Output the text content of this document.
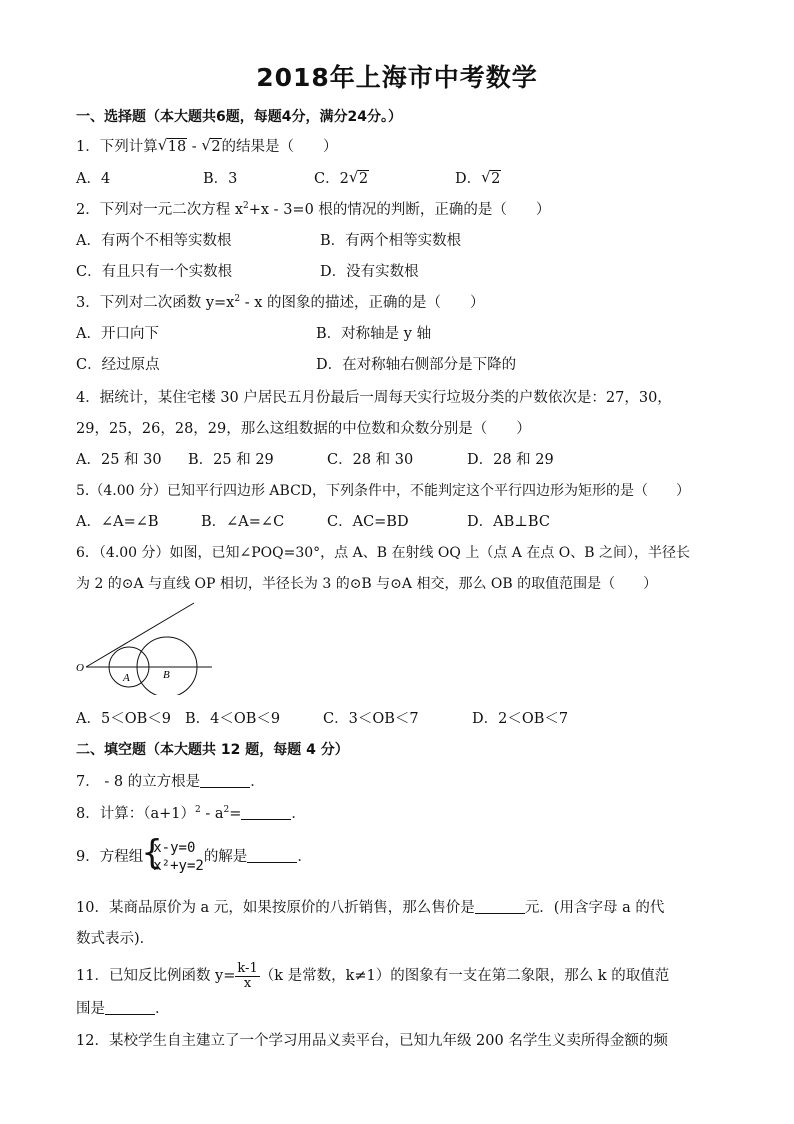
2018年上海市中考数学
一、选择题（本大题共6题，每题4分，满分24分。）
1．下列计算 √ 18 - √ 2的结果是（　　）
A．4	B．3	C．2 √ 2	D． √ 2
2．下列对一元二次方程 $x^2+x - 3=0$ 根的情况的判断，正确的是（　　）
A．有两个不相等实数根	B．有两个相等实数根
C．有且只有一个实数根	D．没有实数根
3．下列对二次函数 $y=x^2 - x$ 的图象的描述，正确的是（　　）
A．开口向下	B．对称轴是 y 轴
C．经过原点	D．在对称轴右侧部分是下降的
4．据统计，某住宅楼 30 户居民五月份最后一周每天实行垃圾分类的户数依次是：27，30，
29，25，26，28，29，那么这组数据的中位数和众数分别是（　　）
A．25 和 30 B．25 和 29	C．28 和 30	D．28 和 29
5.（4.00 分）已知平行四边形 ABCD，下列条件中，不能判定这个平行四边形为矩形的是（　　）
A．∠A=∠B	B．∠A=∠C	C．AC=BD	D．AB⊥BC
6．（4.00 分）如图，已知∠POQ=30°，点 A、B 在射线 OQ 上（点 A 在点 O、B 之间），半径长
为 2 的⊙A 与直线 OP 相切，半径长为 3 的⊙B 与⊙A 相交，那么 OB 的取值范围是（　　）
O
A	B
A．5＜OB＜9 B．4＜OB＜9	C．3＜OB＜7	D．2＜OB＜7
二、填空题（本大题共 12 题，每题 4 分）
7． - 8 的立方根是	．
8．计算：$(a+1)^2 - a^2=$	．
9．方程组
{
x-y=0
x²+y=2
的解是	．
10．某商品原价为 a 元，如果按原价的八折销售，那么售价是	元．(用含字母 a 的代
数式表示)．
11．已知反比例函数 $y= \frac{k-1}{x} (k$ 是常数，k≠1）的图象有一支在第二象限，那么 k 的取值范
围是	．
12．某校学生自主建立了一个学习用品义卖平台，已知九年级 200 名学生义卖所得金额的频
